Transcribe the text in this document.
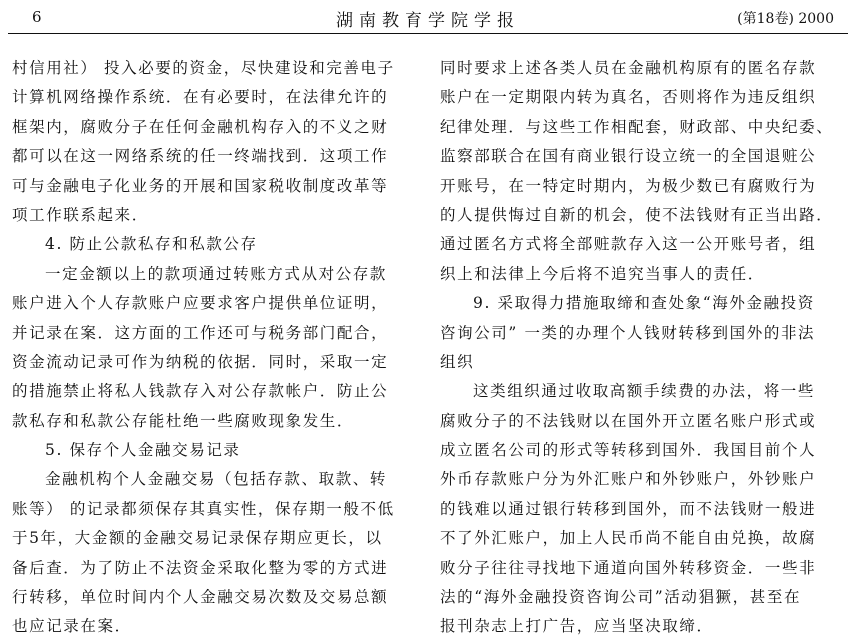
6	湖南教育学院学报	(第18卷) 2000
村信用社） 投入必要的资金，尽快建设和完善电子
计算机网络操作系统．在有必要时，在法律允许的
框架内，腐败分子在任何金融机构存入的不义之财
都可以在这一网络系统的任一终端找到．这项工作
可与金融电子化业务的开展和国家税收制度改革等
项工作联系起来．
4. 防止公款私存和私款公存
一定金额以上的款项通过转账方式从对公存款
账户进入个人存款账户应要求客户提供单位证明，
并记录在案．这方面的工作还可与税务部门配合，
资金流动记录可作为纳税的依据．同时，采取一定
的措施禁止将私人钱款存入对公存款帐户．防止公
款私存和私款公存能杜绝一些腐败现象发生．
5. 保存个人金融交易记录
金融机构个人金融交易（包括存款、取款、转
账等） 的记录都须保存其真实性，保存期一般不低
于5年，大金额的金融交易记录保存期应更长，以
备后查．为了防止不法资金采取化整为零的方式进
行转移，单位时间内个人金融交易次数及交易总额
也应记录在案．
同时要求上述各类人员在金融机构原有的匿名存款
账户在一定期限内转为真名，否则将作为违反组织
纪律处理．与这些工作相配套，财政部、中央纪委、
监察部联合在国有商业银行设立统一的全国退赃公
开账号，在一特定时期内，为极少数已有腐败行为
的人提供悔过自新的机会，使不法钱财有正当出路．
通过匿名方式将全部赃款存入这一公开账号者，组
织上和法律上今后将不追究当事人的责任．
9. 采取得力措施取缔和查处象“海外金融投资
咨询公司” 一类的办理个人钱财转移到国外的非法
组织
这类组织通过收取高额手续费的办法，将一些
腐败分子的不法钱财以在国外开立匿名账户形式或
成立匿名公司的形式等转移到国外．我国目前个人
外币存款账户分为外汇账户和外钞账户，外钞账户
的钱难以通过银行转移到国外，而不法钱财一般进
不了外汇账户，加上人民币尚不能自由兑换，故腐
败分子往往寻找地下通道向国外转移资金．一些非
法的“海外金融投资咨询公司”活动猖獗，甚至在
报刊杂志上打广告，应当坚决取缔．
